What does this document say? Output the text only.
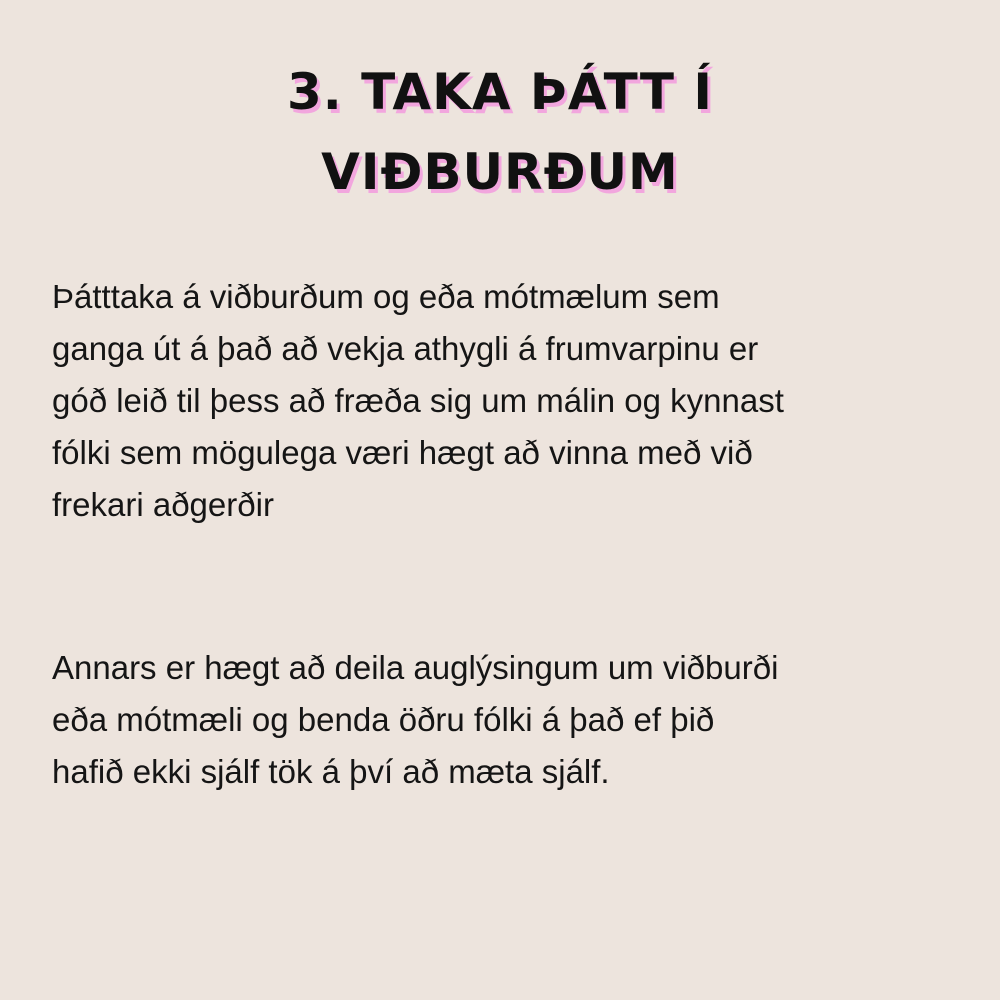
3. TAKA ÞÁTT Í
VIÐBURÐUM

Þátttaka á viðburðum og eða mótmælum sem
ganga út á það að vekja athygli á frumvarpinu er
góð leið til þess að fræða sig um málin og kynnast
fólki sem mögulega væri hægt að vinna með við
frekari aðgerðir

Annars er hægt að deila auglýsingum um viðburði
eða mótmæli og benda öðru fólki á það ef þið
hafið ekki sjálf tök á því að mæta sjálf.
